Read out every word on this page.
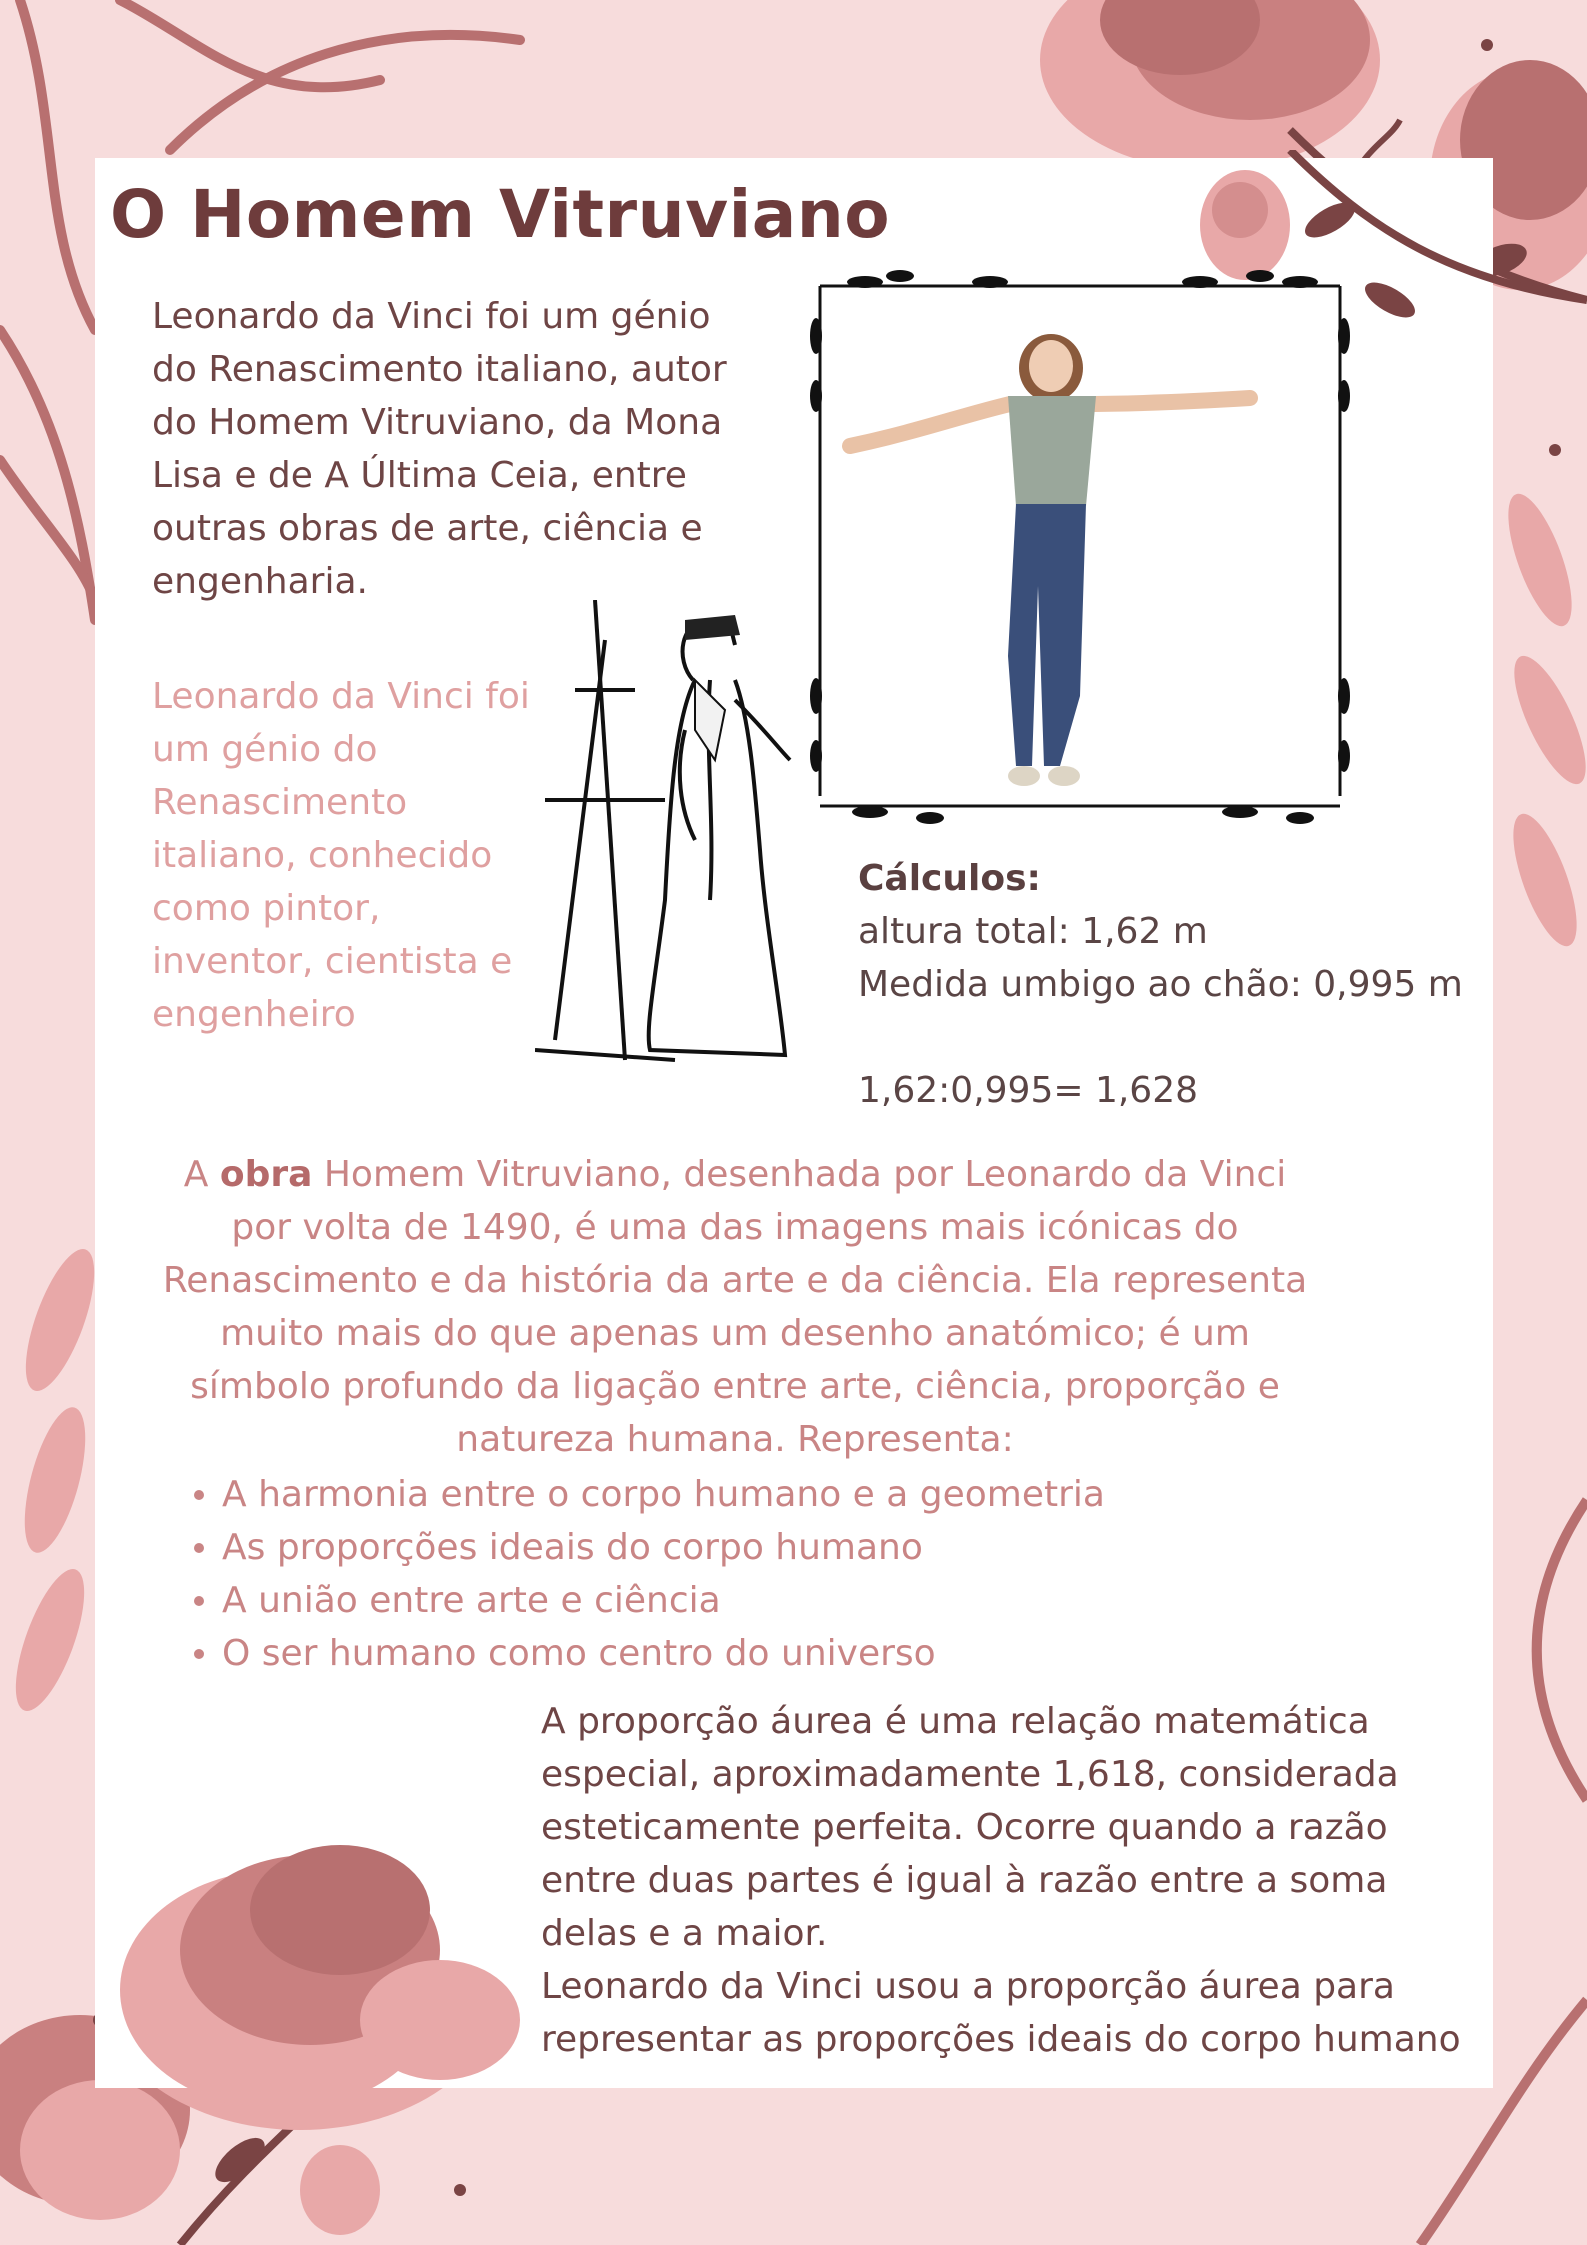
O Homem Vitruviano

Leonardo da Vinci foi um génio do Renascimento italiano, autor do Homem Vitruviano, da Mona Lisa e de A Última Ceia, entre outras obras de arte, ciência e engenharia.

Leonardo da Vinci foi um génio do Renascimento italiano, conhecido como pintor, inventor, cientista e engenheiro

Cálculos:
altura total: 1,62 m
Medida umbigo ao chão: 0,995 m
1,62:0,995= 1,628

A obra Homem Vitruviano, desenhada por Leonardo da Vinci por volta de 1490, é uma das imagens mais icónicas do Renascimento e da história da arte e da ciência. Ela representa muito mais do que apenas um desenho anatómico; é um símbolo profundo da ligação entre arte, ciência, proporção e natureza humana. Representa:

A harmonia entre o corpo humano e a geometria
As proporções ideais do corpo humano
A união entre arte e ciência
O ser humano como centro do universo
A proporção áurea é uma relação matemática especial, aproximadamente 1,618, considerada esteticamente perfeita. Ocorre quando a razão entre duas partes é igual à razão entre a soma delas e a maior.
Leonardo da Vinci usou a proporção áurea para representar as proporções ideais do corpo humano
